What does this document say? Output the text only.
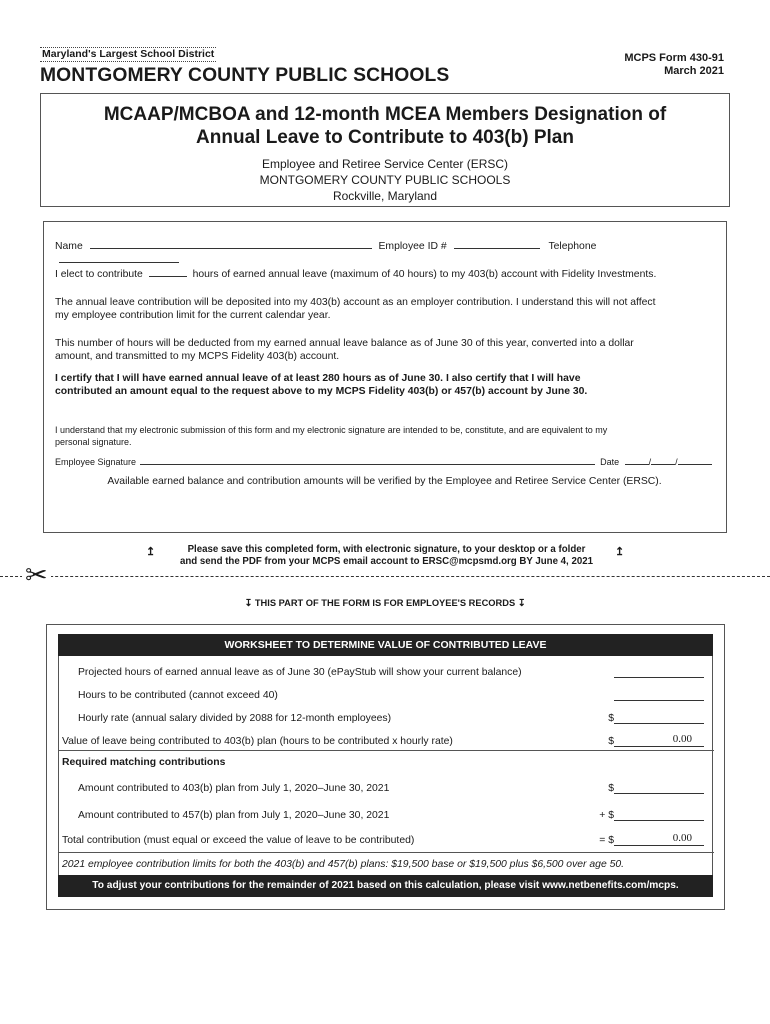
Maryland's Largest School District
MONTGOMERY COUNTY PUBLIC SCHOOLS
MCPS Form 430-91
March 2021
MCAAP/MCBOA and 12-month MCEA Members Designation of
Annual Leave to Contribute to 403(b) Plan
Employee and Retiree Service Center (ERSC)
MONTGOMERY COUNTY PUBLIC SCHOOLS
Rockville, Maryland
Name	Employee ID #	Telephone
I elect to contribute	hours of earned annual leave (maximum of 40 hours) to my 403(b) account with Fidelity Investments.
The annual leave contribution will be deposited into my 403(b) account as an employer contribution. I understand this will not affect
my employee contribution limit for the current calendar year.
This number of hours will be deducted from my earned annual leave balance as of June 30 of this year, converted into a dollar
amount, and transmitted to my MCPS Fidelity 403(b) account.
I certify that I will have earned annual leave of at least 280 hours as of June 30. I also certify that I will have
contributed an amount equal to the request above to my MCPS Fidelity 403(b) or 457(b) account by June 30.
I understand that my electronic submission of this form and my electronic signature are intended to be, constitute, and are equivalent to my
personal signature.
Employee Signature	Date	/	/
Available earned balance and contribution amounts will be verified by the Employee and Retiree Service Center (ERSC).
↥	Please save this completed form, with electronic signature, to your desktop or a folder
and send the PDF from your MCPS email account to ERSC@mcpsmd.org BY June 4, 2021
↥
✂
↧ THIS PART OF THE FORM IS FOR EMPLOYEE'S RECORDS ↧
WORKSHEET TO DETERMINE VALUE OF CONTRIBUTED LEAVE
Projected hours of earned annual leave as of June 30 (ePayStub will show your current balance)
Hours to be contributed (cannot exceed 40)
Hourly rate (annual salary divided by 2088 for 12-month employees)	$
Value of leave being contributed to 403(b) plan (hours to be contributed x hourly rate)	$	0.00
Required matching contributions
Amount contributed to 403(b) plan from July 1, 2020–June 30, 2021	$
Amount contributed to 457(b) plan from July 1, 2020–June 30, 2021	+ $
Total contribution (must equal or exceed the value of leave to be contributed)	= $	0.00
2021 employee contribution limits for both the 403(b) and 457(b) plans: $19,500 base or $19,500 plus $6,500 over age 50.
To adjust your contributions for the remainder of 2021 based on this calculation, please visit www.netbenefits.com/mcps.
